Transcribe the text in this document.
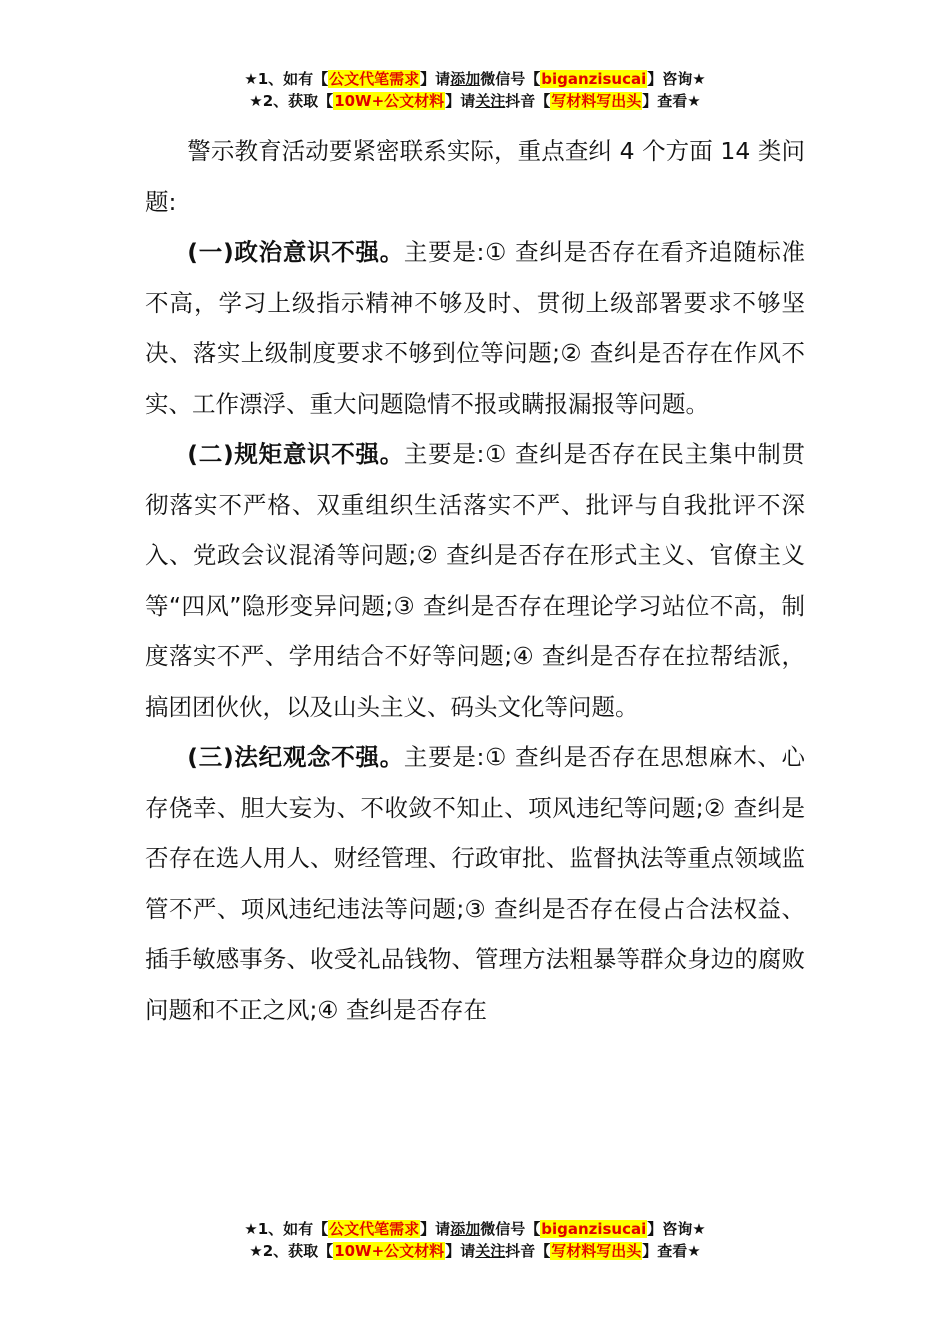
★1、如有【公文代笔需求】请添加微信号【biganzisucai】咨询★
★2、获取【10W+公文材料】请关注抖音【写材料写出头】查看★

警示教育活动要紧密联系实际，重点查纠 4 个方面 14 类问题:

(一)政治意识不强。主要是:① 查纠是否存在看齐追随标准不高，学习上级指示精神不够及时、贯彻上级部署要求不够坚决、落实上级制度要求不够到位等问题;② 查纠是否存在作风不实、工作漂浮、重大问题隐情不报或瞒报漏报等问题。

(二)规矩意识不强。主要是:① 查纠是否存在民主集中制贯彻落实不严格、双重组织生活落实不严、批评与自我批评不深入、党政会议混淆等问题;② 查纠是否存在形式主义、官僚主义等“四风”隐形变异问题;③ 查纠是否存在理论学习站位不高，制度落实不严、学用结合不好等问题;④ 查纠是否存在拉帮结派，搞团团伙伙，以及山头主义、码头文化等问题。

(三)法纪观念不强。主要是:① 查纠是否存在思想麻木、心存侥幸、胆大妄为、不收敛不知止、项风违纪等问题;② 查纠是否存在选人用人、财经管理、行政审批、监督执法等重点领域监管不严、项风违纪违法等问题;③ 查纠是否存在侵占合法权益、插手敏感事务、收受礼品钱物、管理方法粗暴等群众身边的腐败问题和不正之风;④ 查纠是否存在

★1、如有【公文代笔需求】请添加微信号【biganzisucai】咨询★
★2、获取【10W+公文材料】请关注抖音【写材料写出头】查看★
